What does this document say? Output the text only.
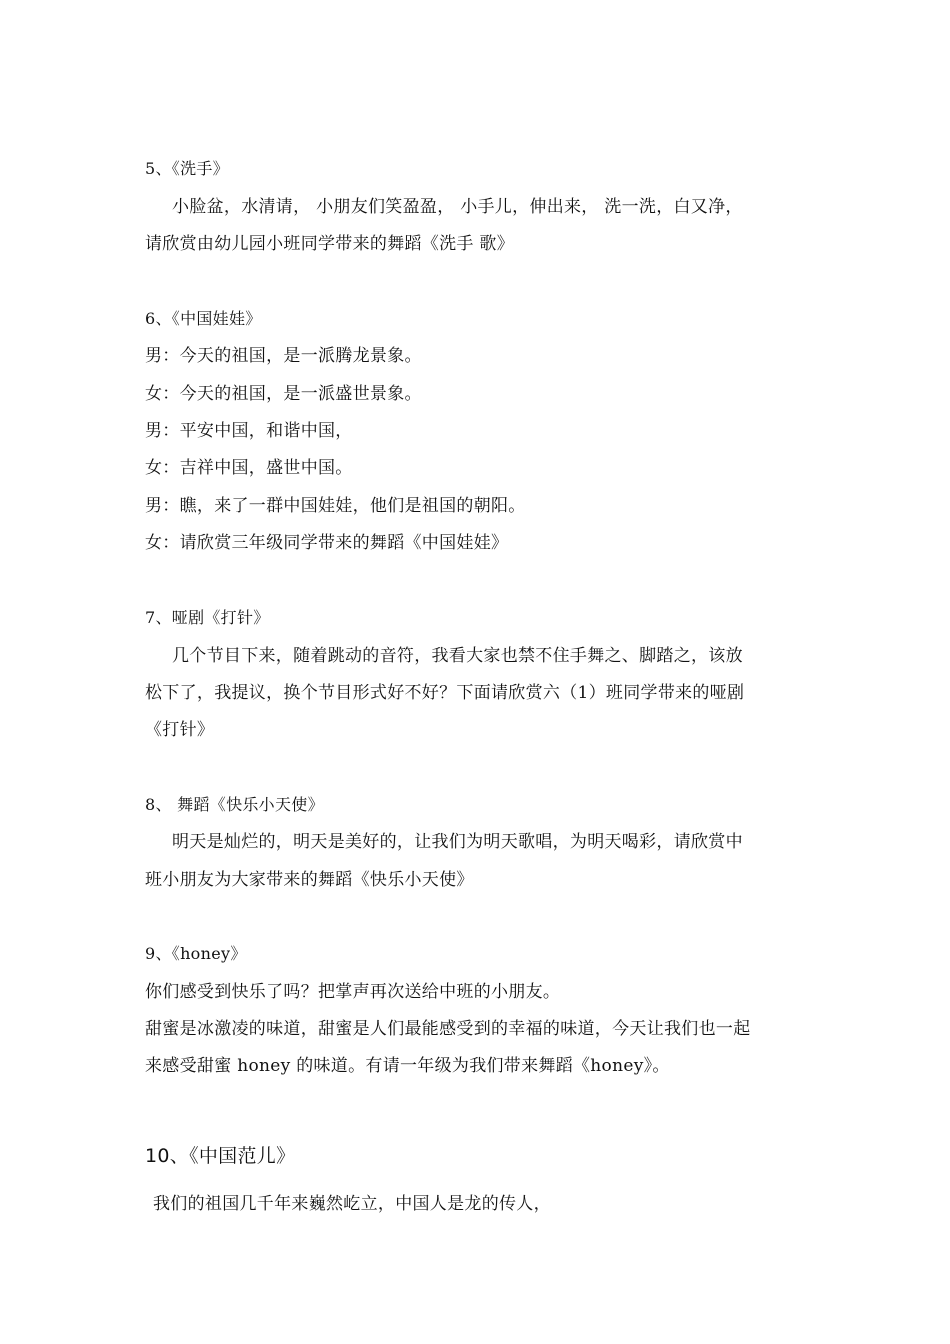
5、《洗手》
小脸盆，水清请， 小朋友们笑盈盈， 小手儿，伸出来， 洗一洗，白又净，
请欣赏由幼儿园小班同学带来的舞蹈《洗手 歌》
6、《中国娃娃》
男：今天的祖国，是一派腾龙景象。
女：今天的祖国，是一派盛世景象。
男：平安中国，和谐中国，
女：吉祥中国，盛世中国。
男：瞧，来了一群中国娃娃，他们是祖国的朝阳。
女：请欣赏三年级同学带来的舞蹈《中国娃娃》
7、哑剧《打针》
几个节目下来，随着跳动的音符，我看大家也禁不住手舞之、脚踏之，该放
松下了，我提议，换个节目形式好不好？下面请欣赏六（1）班同学带来的哑剧
《打针》
8、 舞蹈《快乐小天使》
明天是灿烂的，明天是美好的，让我们为明天歌唱，为明天喝彩，请欣赏中
班小朋友为大家带来的舞蹈《快乐小天使》
9、《honey》
你们感受到快乐了吗？把掌声再次送给中班的小朋友。
甜蜜是冰激凌的味道，甜蜜是人们最能感受到的幸福的味道，今天让我们也一起
来感受甜蜜 honey 的味道。有请一年级为我们带来舞蹈《honey》。
10、《中国范儿》
我们的祖国几千年来巍然屹立，中国人是龙的传人，
